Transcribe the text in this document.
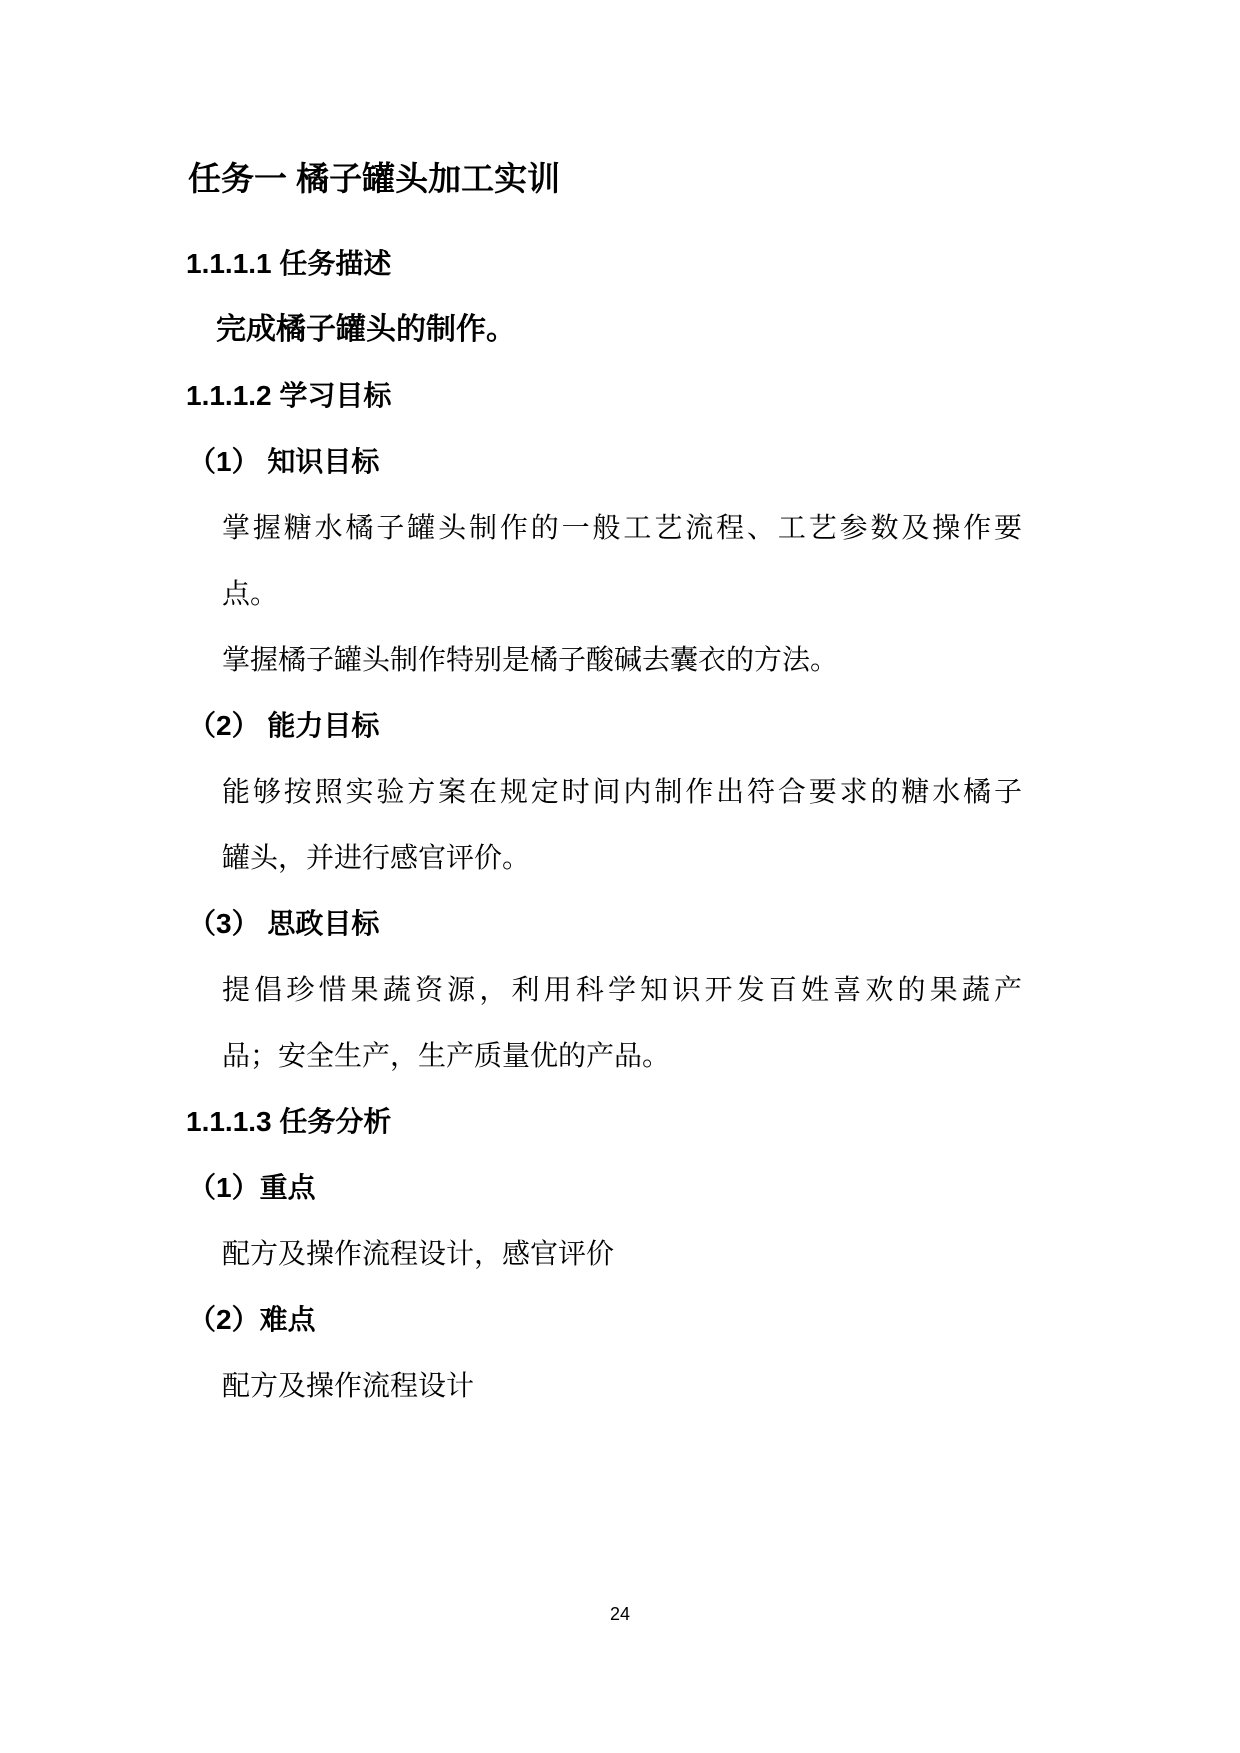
任务一 橘子罐头加工实训
1.1.1.1 任务描述
完成橘子罐头的制作。
1.1.1.2 学习目标
（1） 知识目标
掌握糖水橘子罐头制作的一般工艺流程、工艺参数及操作要
点。
掌握橘子罐头制作特别是橘子酸碱去囊衣的方法。
（2） 能力目标
能够按照实验方案在规定时间内制作出符合要求的糖水橘子
罐头，并进行感官评价。
（3） 思政目标
提倡珍惜果蔬资源，利用科学知识开发百姓喜欢的果蔬产
品；安全生产，生产质量优的产品。
1.1.1.3 任务分析
（1）重点
配方及操作流程设计，感官评价
（2）难点
配方及操作流程设计
24
